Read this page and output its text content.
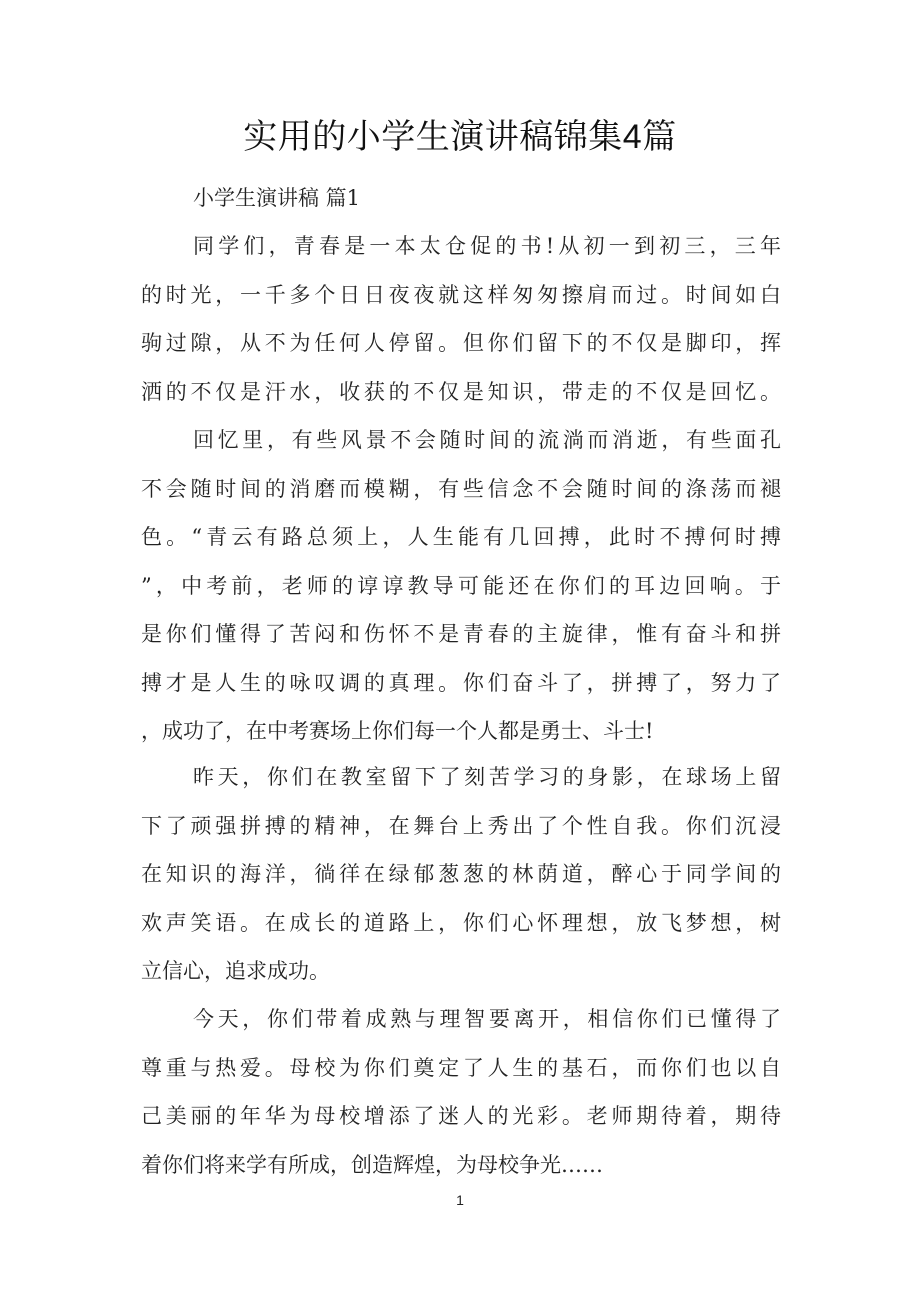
实用的小学生演讲稿锦集4篇
小学生演讲稿 篇1
同学们，青春是一本太仓促的书!从初一到初三，三年
的时光，一千多个日日夜夜就这样匆匆擦肩而过。时间如白
驹过隙，从不为任何人停留。但你们留下的不仅是脚印，挥
洒的不仅是汗水，收获的不仅是知识，带走的不仅是回忆。
回忆里，有些风景不会随时间的流淌而消逝，有些面孔
不会随时间的消磨而模糊，有些信念不会随时间的涤荡而褪
色。“青云有路总须上，人生能有几回搏，此时不搏何时搏
”，中考前，老师的谆谆教导可能还在你们的耳边回响。于
是你们懂得了苦闷和伤怀不是青春的主旋律，惟有奋斗和拼
搏才是人生的咏叹调的真理。你们奋斗了，拼搏了，努力了
，成功了，在中考赛场上你们每一个人都是勇士、斗士!
昨天，你们在教室留下了刻苦学习的身影，在球场上留
下了顽强拼搏的精神，在舞台上秀出了个性自我。你们沉浸
在知识的海洋，徜徉在绿郁葱葱的林荫道，醉心于同学间的
欢声笑语。在成长的道路上，你们心怀理想，放飞梦想，树
立信心，追求成功。
今天，你们带着成熟与理智要离开，相信你们已懂得了
尊重与热爱。母校为你们奠定了人生的基石，而你们也以自
己美丽的年华为母校增添了迷人的光彩。老师期待着，期待
着你们将来学有所成，创造辉煌，为母校争光……
1
